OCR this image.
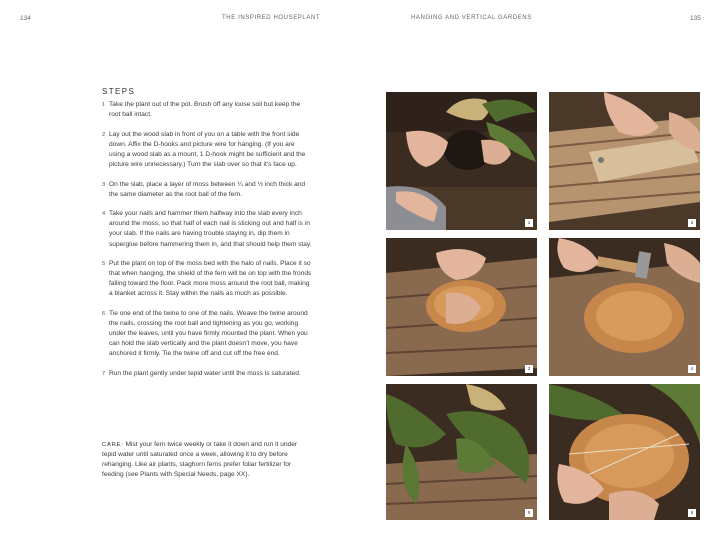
134	THE INSPIRED HOUSEPLANT	HANGING AND VERTICAL GARDENS	135
STEPS
1 Take the plant out of the pot. Brush off any loose soil but keep the root ball intact.
2 Lay out the wood slab in front of you on a table with the front side down. Affix the D-hooks and picture wire for hanging. (If you are using a wood slab as a mount, 1 D-hook might be sufficient and the picture wire unnecessary.) Turn the slab over so that it’s face up.
3 On the slab, place a layer of moss between ¼ and ½ inch thick and the same diameter as the root ball of the fern.
4 Take your nails and hammer them halfway into the slab every inch around the moss, so that half of each nail is sticking out and half is in your slab. If the nails are having trouble staying in, dip them in superglue before hammering them in, and that should help them stay.
5 Put the plant on top of the moss bed with the halo of nails. Place it so that when hanging, the shield of the fern will be on top with the fronds falling toward the floor. Pack more moss around the root ball, making a blanket across it. Stay within the nails as much as possible.
6 Tie one end of the twine to one of the nails. Weave the twine around the nails, crossing the root ball and tightening as you go, working under the leaves, until you have firmly mounted the plant. When you can hold the slab vertically and the plant doesn’t move, you have anchored it firmly. Tie the twine off and cut off the free end.
7 Run the plant gently under tepid water until the moss is saturated.

CARE: Mist your fern twice weekly or take it down and run it under tepid water until saturated once a week, allowing it to dry before rehanging. Like air plants, staghorn ferns prefer foliar fertilizer for feeding (see Plants with Special Needs, page XX).

1	3
2	4
5	6
